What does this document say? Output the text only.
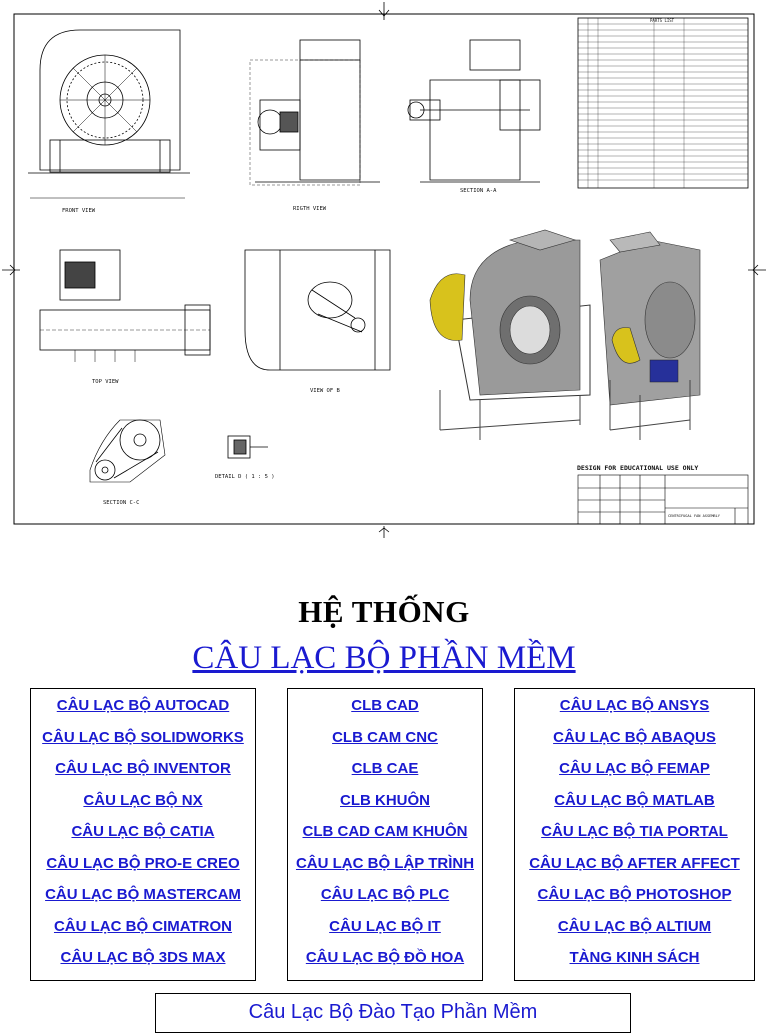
FRONT VIEW	RIGTH VIEW
SECTION A-A
PARTS LIST
TOP VIEW
VIEW OF B
SECTION C-C
DETAIL D ( 1 : 5 )
DESIGN FOR EDUCATIONAL USE ONLY
CENTRIFUGAL FAN ASSEMBLY
HỆ THỐNG
CÂU LẠC BỘ PHẦN MỀM
CÂU LẠC BỘ AUTOCAD
CÂU LẠC BỘ SOLIDWORKS
CÂU LẠC BỘ INVENTOR
CÂU LẠC BỘ NX
CÂU LẠC BỘ CATIA
CÂU LẠC BỘ PRO-E CREO
CÂU LẠC BỘ MASTERCAM
CÂU LẠC BỘ CIMATRON
CÂU LẠC BỘ 3DS MAX
CLB CAD
CLB CAM CNC
CLB CAE
CLB KHUÔN
CLB CAD CAM KHUÔN
CÂU LẠC BỘ LẬP TRÌNH
CÂU LẠC BỘ PLC
CÂU LẠC BỘ IT
CÂU LẠC BỘ ĐỒ HOA
CÂU LẠC BỘ ANSYS
CÂU LẠC BỘ ABAQUS
CÂU LẠC BỘ FEMAP
CÂU LẠC BỘ MATLAB
CÂU LẠC BỘ TIA PORTAL
CÂU LẠC BỘ AFTER AFFECT
CÂU LẠC BỘ PHOTOSHOP
CÂU LẠC BỘ ALTIUM
TÀNG KINH SÁCH
Câu Lạc Bộ Đào Tạo Phần Mềm
